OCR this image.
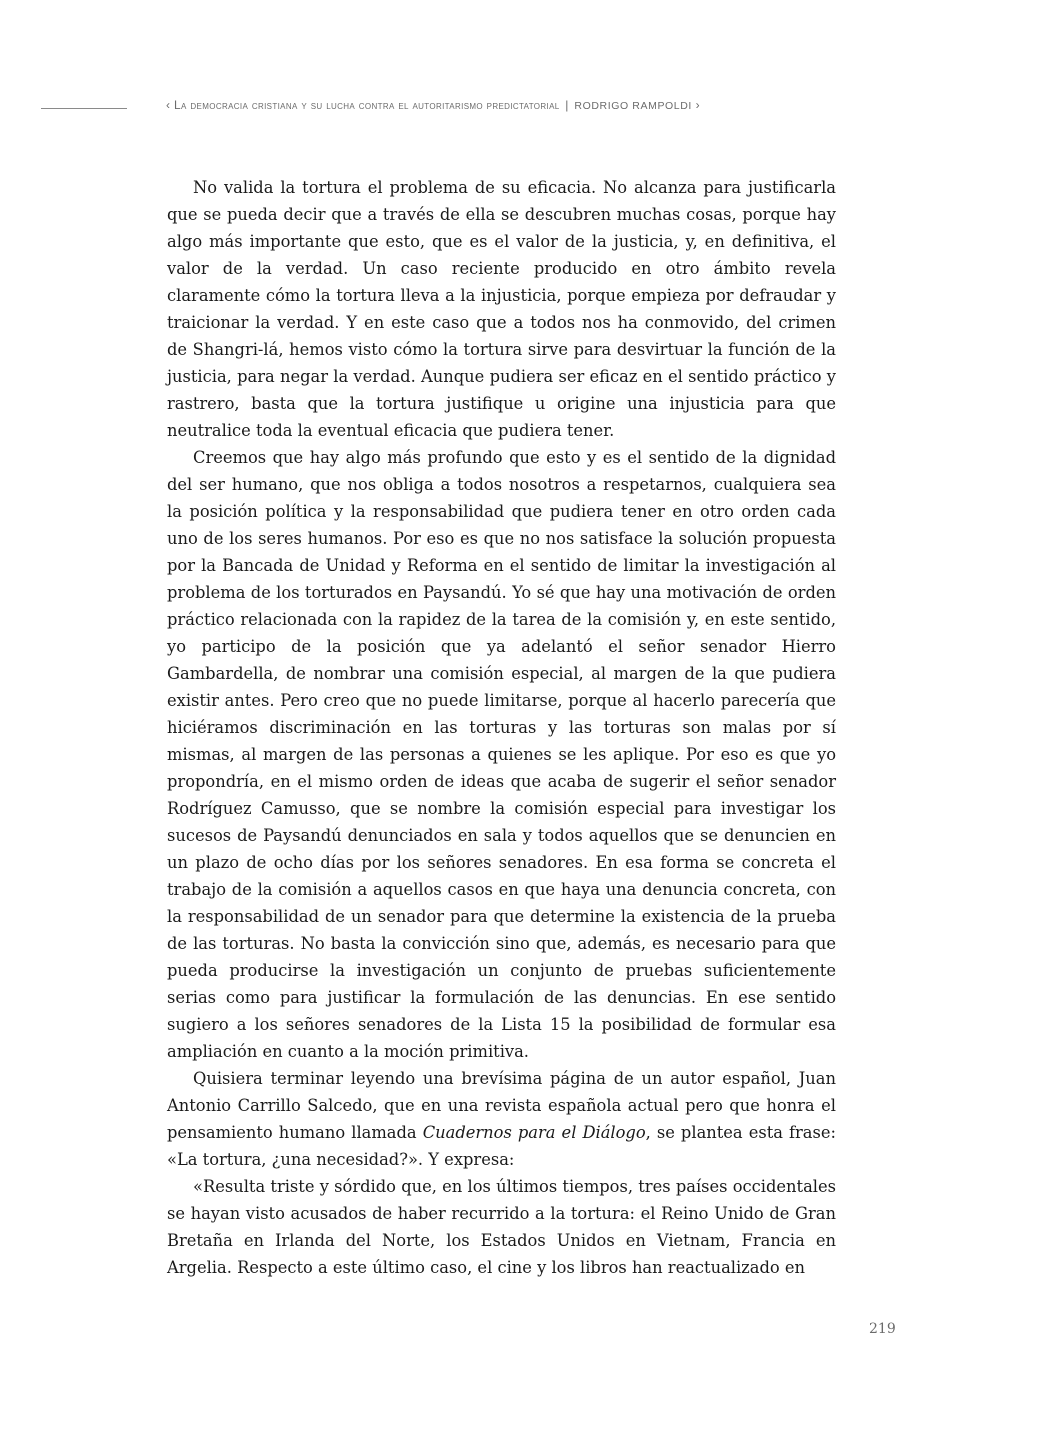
‹ La democracia cristiana y su lucha contra el autoritarismo predictatorial | RODRIGO RAMPOLDI ›

No valida la tortura el problema de su eficacia. No alcanza para justificarla que se pueda decir que a través de ella se descubren muchas cosas, porque hay algo más importante que esto, que es el valor de la justicia, y, en definitiva, el valor de la verdad. Un caso reciente producido en otro ámbito revela claramente cómo la tortura lleva a la injusticia, porque empieza por defraudar y traicionar la verdad. Y en este caso que a todos nos ha conmovido, del crimen de Shangri-lá, hemos visto cómo la tortura sirve para desvirtuar la función de la justicia, para negar la verdad. Aunque pudiera ser eficaz en el sentido práctico y rastrero, basta que la tortura justifique u origine una injusticia para que neutralice toda la eventual eficacia que pudiera tener.

Creemos que hay algo más profundo que esto y es el sentido de la dignidad del ser humano, que nos obliga a todos nosotros a respetarnos, cualquiera sea la posición política y la responsabilidad que pudiera tener en otro orden cada uno de los seres humanos. Por eso es que no nos satisface la solución propuesta por la Bancada de Unidad y Reforma en el sentido de limitar la investigación al problema de los torturados en Paysandú. Yo sé que hay una motivación de orden práctico relacionada con la rapidez de la tarea de la comisión y, en este sentido, yo participo de la posición que ya adelantó el señor senador Hierro Gambardella, de nombrar una comisión especial, al margen de la que pudiera existir antes. Pero creo que no puede limitarse, porque al hacerlo parecería que hiciéramos discriminación en las torturas y las torturas son malas por sí mismas, al margen de las personas a quienes se les aplique. Por eso es que yo propondría, en el mismo orden de ideas que acaba de sugerir el señor senador Rodríguez Camusso, que se nombre la comisión especial para investigar los sucesos de Paysandú denunciados en sala y todos aquellos que se denuncien en un plazo de ocho días por los señores senadores. En esa forma se concreta el trabajo de la comisión a aquellos casos en que haya una denuncia concreta, con la responsabilidad de un senador para que determine la existencia de la prueba de las torturas. No basta la convicción sino que, además, es necesario para que pueda producirse la investigación un conjunto de pruebas suficientemente serias como para justificar la formulación de las denuncias. En ese sentido sugiero a los señores senadores de la Lista 15 la posibilidad de formular esa ampliación en cuanto a la moción primitiva.

Quisiera terminar leyendo una brevísima página de un autor español, Juan Antonio Carrillo Salcedo, que en una revista española actual pero que honra el pensamiento humano llamada Cuadernos para el Diálogo, se plantea esta frase: «La tortura, ¿una necesidad?». Y expresa:

«Resulta triste y sórdido que, en los últimos tiempos, tres países occidentales se hayan visto acusados de haber recurrido a la tortura: el Reino Unido de Gran Bretaña en Irlanda del Norte, los Estados Unidos en Vietnam, Francia en Argelia. Respecto a este último caso, el cine y los libros han reactualizado en

219
